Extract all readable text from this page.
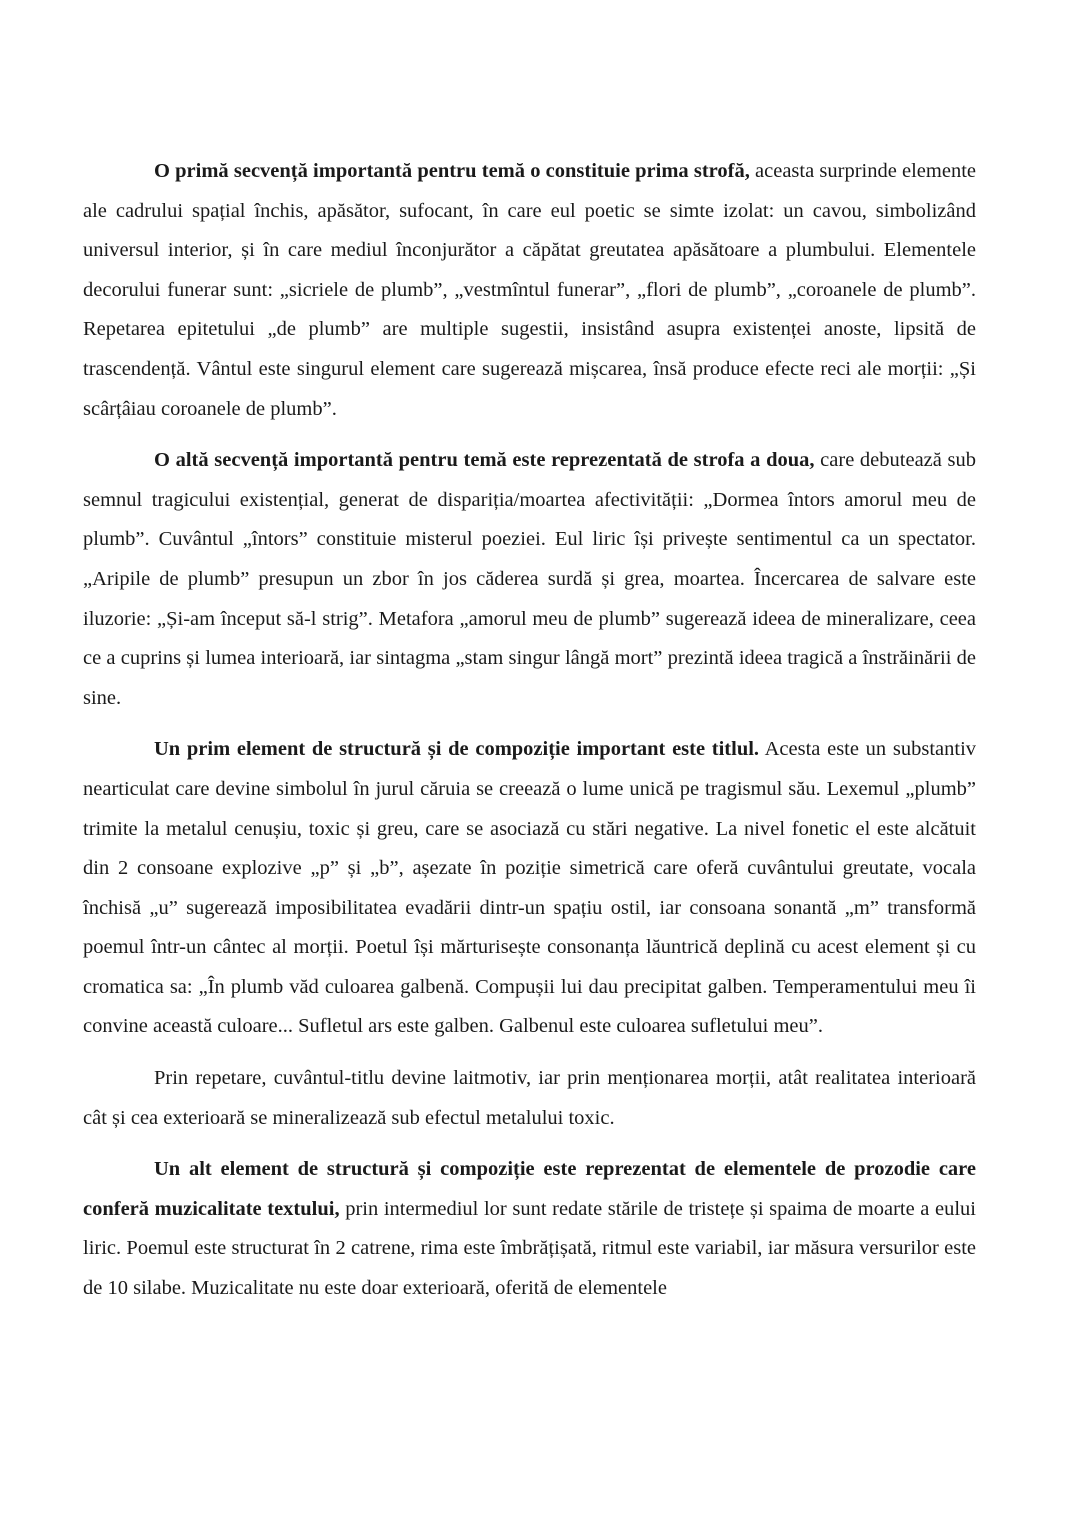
O primă secvență importantă pentru temă o constituie prima strofă, aceasta surprinde elemente ale cadrului spațial închis, apăsător, sufocant, în care eul poetic se simte izolat: un cavou, simbolizând universul interior, și în care mediul înconjurător a căpătat greutatea apăsătoare a plumbului. Elementele decorului funerar sunt: „sicriele de plumb”, „vestmîntul funerar”, „flori de plumb”, „coroanele de plumb”. Repetarea epitetului „de plumb” are multiple sugestii, insistând asupra existenței anoste, lipsită de trascendență. Vântul este singurul element care sugerează mișcarea, însă produce efecte reci ale morții: „Și scârțâiau coroanele de plumb”.

O altă secvență importantă pentru temă este reprezentată de strofa a doua, care debutează sub semnul tragicului existențial, generat de dispariția/moartea afectivității: „Dormea întors amorul meu de plumb”. Cuvântul „întors” constituie misterul poeziei. Eul liric își privește sentimentul ca un spectator. „Aripile de plumb” presupun un zbor în jos căderea surdă și grea, moartea. Încercarea de salvare este iluzorie: „Și-am început să-l strig”. Metafora „amorul meu de plumb” sugerează ideea de mineralizare, ceea ce a cuprins și lumea interioară, iar sintagma „stam singur lângă mort” prezintă ideea tragică a înstrăinării de sine.

Un prim element de structură și de compoziție important este titlul. Acesta este un substantiv nearticulat care devine simbolul în jurul căruia se creează o lume unică pe tragismul său. Lexemul „plumb” trimite la metalul cenușiu, toxic și greu, care se asociază cu stări negative. La nivel fonetic el este alcătuit din 2 consoane explozive „p” și „b”, așezate în poziție simetrică care oferă cuvântului greutate, vocala închisă „u” sugerează imposibilitatea evadării dintr-un spațiu ostil, iar consoana sonantă „m” transformă poemul într-un cântec al morții. Poetul își mărturisește consonanța lăuntrică deplină cu acest element și cu cromatica sa: „În plumb văd culoarea galbenă. Compușii lui dau precipitat galben. Temperamentului meu îi convine această culoare... Sufletul ars este galben. Galbenul este culoarea sufletului meu”.

Prin repetare, cuvântul-titlu devine laitmotiv, iar prin menționarea morții, atât realitatea interioară cât și cea exterioară se mineralizează sub efectul metalului toxic.

Un alt element de structură și compoziție este reprezentat de elementele de prozodie care conferă muzicalitate textului, prin intermediul lor sunt redate stările de tristețe și spaima de moarte a eului liric. Poemul este structurat în 2 catrene, rima este îmbrățișată, ritmul este variabil, iar măsura versurilor este de 10 silabe. Muzicalitate nu este doar exterioară, oferită de elementele
